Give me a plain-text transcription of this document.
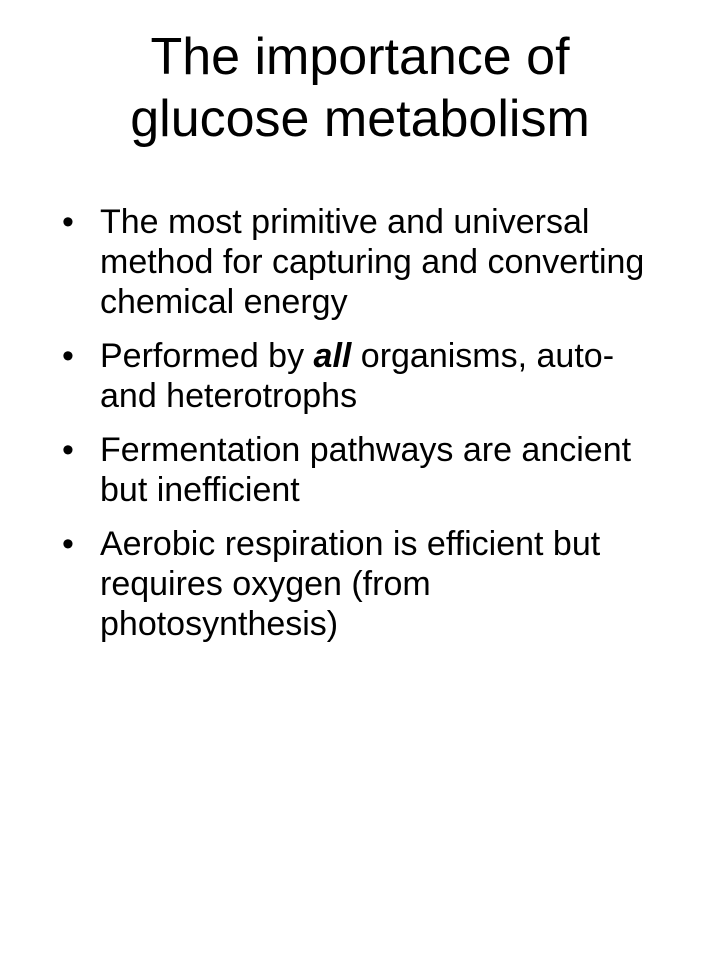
The importance of
glucose metabolism
• The most primitive and universal method for capturing and converting chemical energy
• Performed by all organisms, auto- and heterotrophs
• Fermentation pathways are ancient but inefficient
• Aerobic respiration is efficient but requires oxygen (from photosynthesis)
